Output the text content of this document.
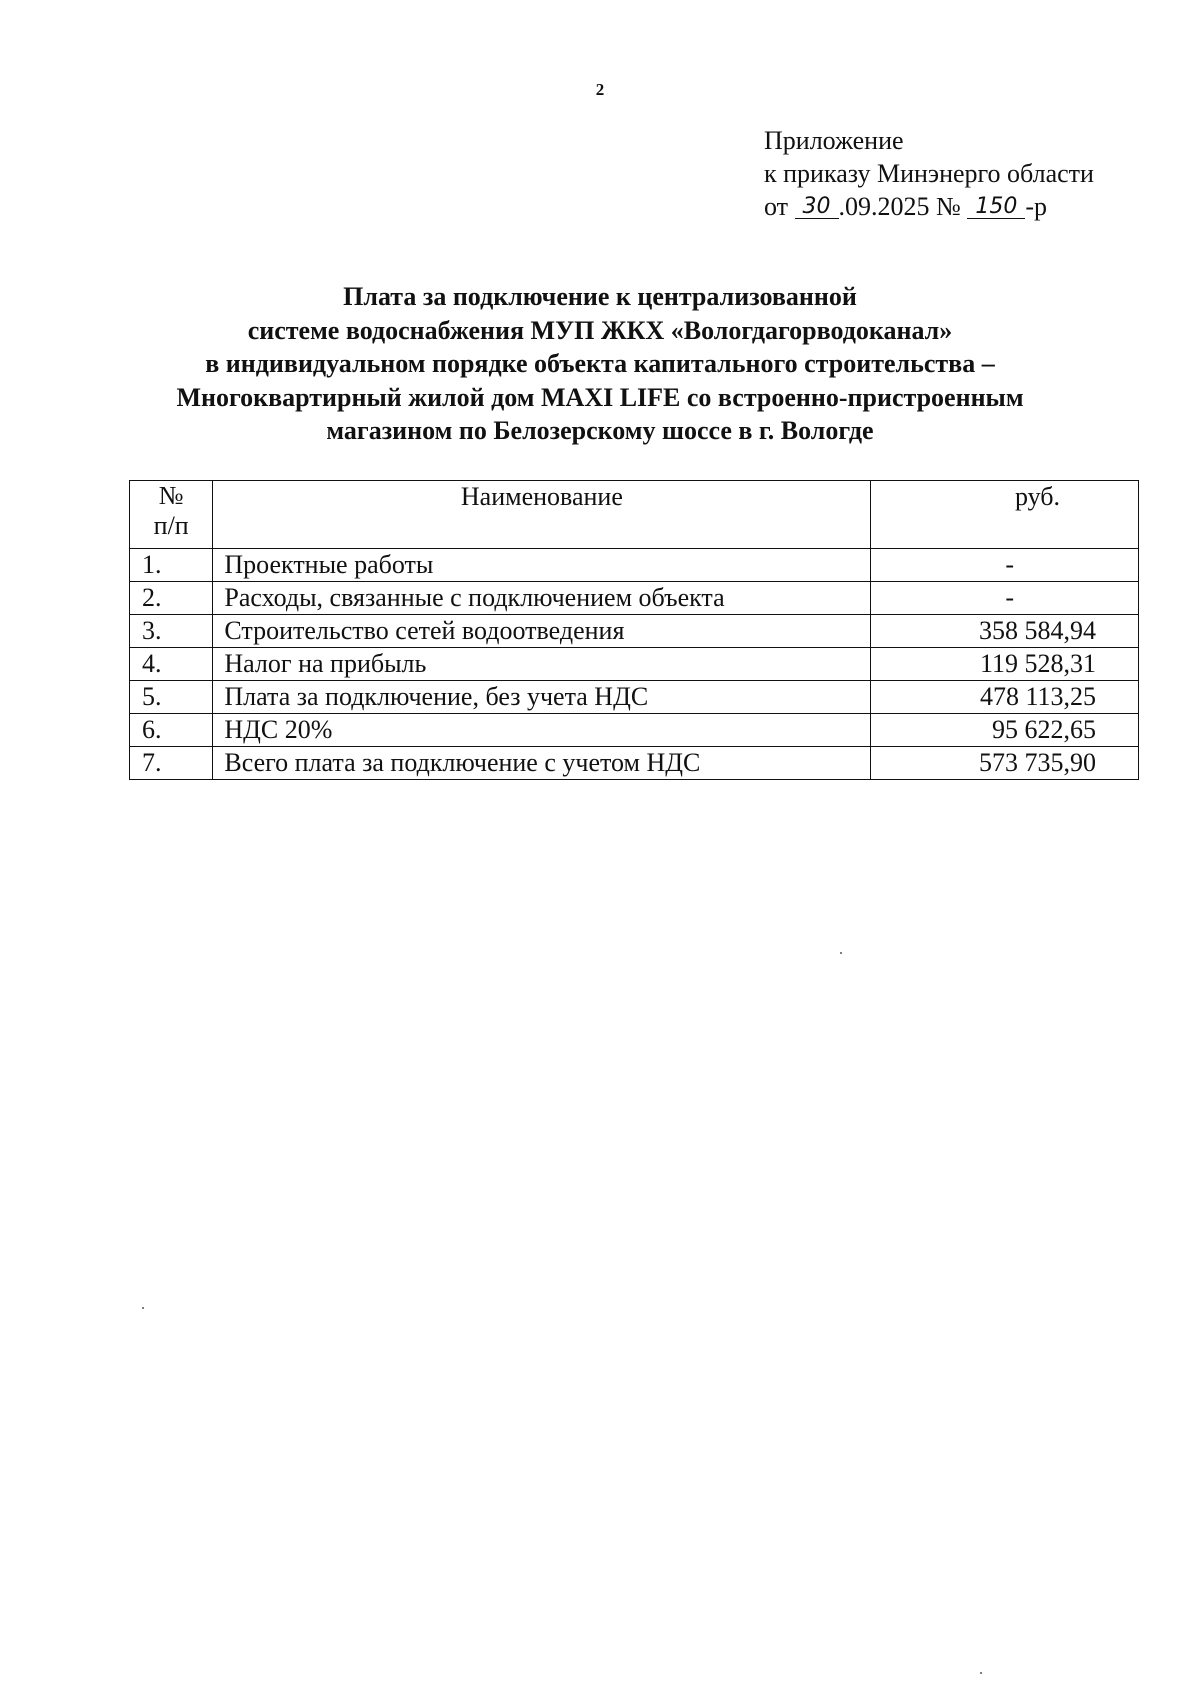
2
Приложение
к приказу Минэнерго области
от 30 .09.2025 № 150 -р
Плата за подключение к централизованной
системе водоснабжения МУП ЖКХ «Вологдагорводоканал»
в индивидуальном порядке объекта капитального строительства –
Многоквартирный жилой дом MAXI LIFE со встроенно-пристроенным
магазином по Белозерскому шоссе в г. Вологде
№
п/п	Наименование	руб.
1.	Проектные работы	-
2.	Расходы, связанные с подключением объекта	-
3.	Строительство сетей водоотведения	358 584,94
4.	Налог на прибыль	119 528,31
5.	Плата за подключение, без учета НДС	478 113,25
6.	НДС 20%	95 622,65
7.	Всего плата за подключение с учетом НДС	573 735,90
